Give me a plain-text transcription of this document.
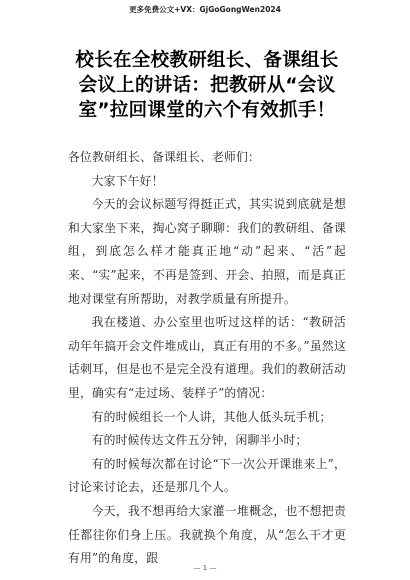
更多免费公文+VX：GjGoGongWen2024
校长在全校教研组长、备课组长会议上的讲话：把教研从“会议室”拉回课堂的六个有效抓手！

各位教研组长、备课组长、老师们：

大家下午好！

今天的会议标题写得挺正式，其实说到底就是想和大家坐下来，掏心窝子聊聊：我们的教研组、备课组，到底怎么样才能真正地“动”起来、“活”起来、“实”起来，不再是签到、开会、拍照，而是真正地对课堂有所帮助，对教学质量有所提升。

我在楼道、办公室里也听过这样的话：“教研活动年年搞开会文件堆成山，真正有用的不多。”虽然这话刺耳，但是也不是完全没有道理。我们的教研活动里，确实有“走过场、装样子”的情况：

有的时候组长一个人讲，其他人低头玩手机；

有的时候传达文件五分钟，闲聊半小时；

有的时候每次都在讨论“下一次公开课谁来上”，讨论来讨论去，还是那几个人。

今天，我不想再给大家灌一堆概念，也不想把责任都往你们身上压。我就换个角度，从“怎么干才更有用”的角度，跟

— 1 —
